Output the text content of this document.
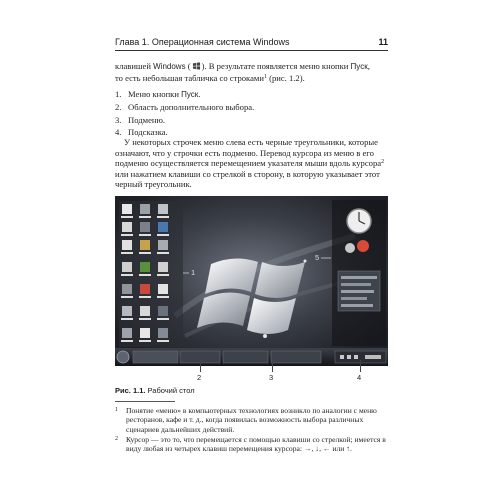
Глава 1. Операционная система Windows	11

клавишей Windows ( ). В результате появляется меню кнопки Пуск,

то есть небольшая табличка со строками$^1$ (рис. 1.2).

1. Меню кнопки Пуск.
2. Область дополнительного выбора.
3. Подменю.
4. Подсказка.

У некоторых строчек меню слева есть черные треугольники, которые означают, что у строчки есть подменю. Перевод курсора из меню в его подменю осуществляется перемещением указателя мыши вдоль курсора$^2$ или нажатием клавиши со стрелкой в сторону, в которую указывает этот черный треугольник.

1
5
2	3	4
Рис. 1.1. Рабочий стол
1	Понятие «меню» в компьютерных технологиях возникло по аналогии с меню ресторанов, кафе и т. д., когда появилась возможность выбора различных сценариев дальнейших действий.
2	Курсор — это то, что перемещается с помощью клавиши со стрелкой; имеется в виду любая из четырех клавиш перемещения курсора: →, ↓, ← или ↑.
